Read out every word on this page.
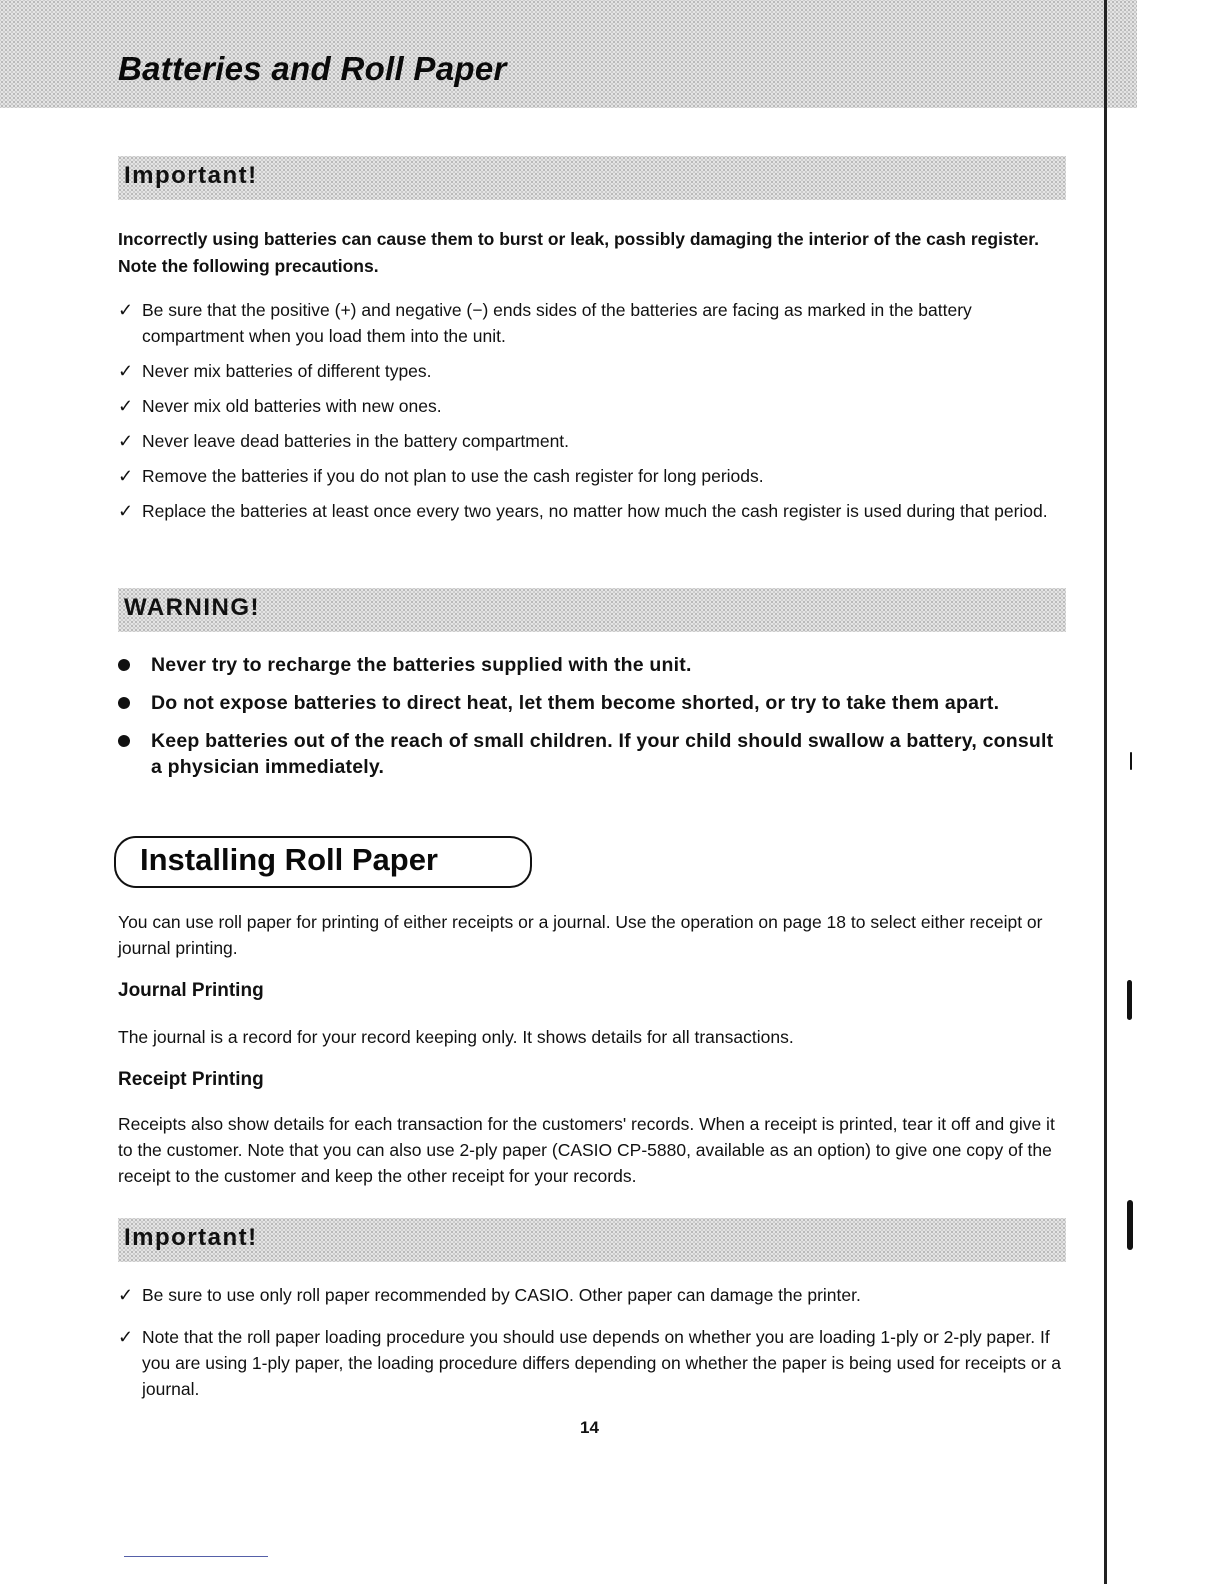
Batteries and Roll Paper
Important!
Incorrectly using batteries can cause them to burst or leak, possibly damaging the interior of the cash register. Note the following precautions.
✓ Be sure that the positive (+) and negative (−) ends sides of the batteries are facing as marked in the battery compartment when you load them into the unit.
✓ Never mix batteries of different types.
✓ Never mix old batteries with new ones.
✓ Never leave dead batteries in the battery compartment.
✓ Remove the batteries if you do not plan to use the cash register for long periods.
✓ Replace the batteries at least once every two years, no matter how much the cash register is used during that period.
WARNING!
Never try to recharge the batteries supplied with the unit.
Do not expose batteries to direct heat, let them become shorted, or try to take them apart.
Keep batteries out of the reach of small children. If your child should swallow a battery, consult a physician immediately.
Installing Roll Paper
You can use roll paper for printing of either receipts or a journal. Use the operation on page 18 to select either receipt or journal printing.
Journal Printing
The journal is a record for your record keeping only. It shows details for all transactions.
Receipt Printing
Receipts also show details for each transaction for the customers' records. When a receipt is printed, tear it off and give it to the customer. Note that you can also use 2-ply paper (CASIO CP-5880, available as an option) to give one copy of the receipt to the customer and keep the other receipt for your records.
Important!
✓ Be sure to use only roll paper recommended by CASIO. Other paper can damage the printer.
✓ Note that the roll paper loading procedure you should use depends on whether you are loading 1-ply or 2-ply paper. If you are using 1-ply paper, the loading procedure differs depending on whether the paper is being used for receipts or a journal.
14
